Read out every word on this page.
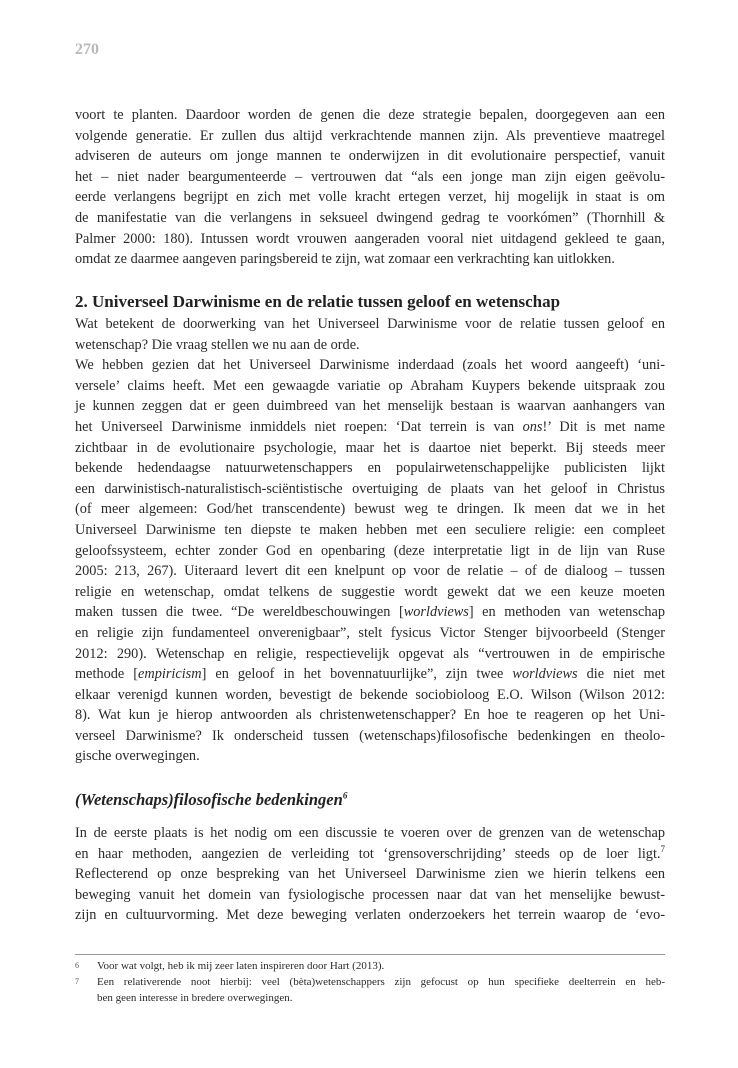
270
voort te planten. Daardoor worden de genen die deze strategie bepalen, doorgegeven aan een
volgende generatie. Er zullen dus altijd verkrachtende mannen zijn. Als preventieve maatregel
adviseren de auteurs om jonge mannen te onderwijzen in dit evolutionaire perspectief, vanuit
het – niet nader beargumenteerde – vertrouwen dat “als een jonge man zijn eigen geëvolu-
eerde verlangens begrijpt en zich met volle kracht ertegen verzet, hij mogelijk in staat is om
de manifestatie van die verlangens in seksueel dwingend gedrag te voorkómen” (Thornhill &
Palmer 2000: 180). Intussen wordt vrouwen aangeraden vooral niet uitdagend gekleed te gaan,
omdat ze daarmee aangeven paringsbereid te zijn, wat zomaar een verkrachting kan uitlokken.
2. Universeel Darwinisme en de relatie tussen geloof en wetenschap
Wat betekent de doorwerking van het Universeel Darwinisme voor de relatie tussen geloof en
wetenschap? Die vraag stellen we nu aan de orde.
We hebben gezien dat het Universeel Darwinisme inderdaad (zoals het woord aangeeft) ‘uni-
versele’ claims heeft. Met een gewaagde variatie op Abraham Kuypers bekende uitspraak zou
je kunnen zeggen dat er geen duimbreed van het menselijk bestaan is waarvan aanhangers van
het Universeel Darwinisme inmiddels niet roepen: ‘Dat terrein is van ons!’ Dit is met name
zichtbaar in de evolutionaire psychologie, maar het is daartoe niet beperkt. Bij steeds meer
bekende hedendaagse natuurwetenschappers en populairwetenschappelijke publicisten lijkt
een darwinistisch-naturalistisch-sciëntistische overtuiging de plaats van het geloof in Christus
(of meer algemeen: God/het transcendente) bewust weg te dringen. Ik meen dat we in het
Universeel Darwinisme ten diepste te maken hebben met een seculiere religie: een compleet
geloofssysteem, echter zonder God en openbaring (deze interpretatie ligt in de lijn van Ruse
2005: 213, 267). Uiteraard levert dit een knelpunt op voor de relatie – of de dialoog – tussen
religie en wetenschap, omdat telkens de suggestie wordt gewekt dat we een keuze moeten
maken tussen die twee. “De wereldbeschouwingen [worldviews] en methoden van wetenschap
en religie zijn fundamenteel onverenigbaar”, stelt fysicus Victor Stenger bijvoorbeeld (Stenger
2012: 290). Wetenschap en religie, respectievelijk opgevat als “vertrouwen in de empirische
methode [empiricism] en geloof in het bovennatuurlijke”, zijn twee worldviews die niet met
elkaar verenigd kunnen worden, bevestigt de bekende sociobioloog E.O. Wilson (Wilson 2012:
8). Wat kun je hierop antwoorden als christenwetenschapper? En hoe te reageren op het Uni-
verseel Darwinisme? Ik onderscheid tussen (wetenschaps)filosofische bedenkingen en theolo-
gische overwegingen.
(Wetenschaps)filosofische bedenkingen$^6$
In de eerste plaats is het nodig om een discussie te voeren over de grenzen van de wetenschap
en haar methoden, aangezien de verleiding tot ‘grensoverschrijding’ steeds op de loer ligt.$^7$
Reflecterend op onze bespreking van het Universeel Darwinisme zien we hierin telkens een
beweging vanuit het domein van fysiologische processen naar dat van het menselijke bewust-
zijn en cultuurvorming. Met deze beweging verlaten onderzoekers het terrein waarop de ‘evo-
6 Voor wat volgt, heb ik mij zeer laten inspireren door Hart (2013).
7 Een relativerende noot hierbij: veel (bèta)wetenschappers zijn gefocust op hun specifieke deelterrein en heb-
ben geen interesse in bredere overwegingen.
